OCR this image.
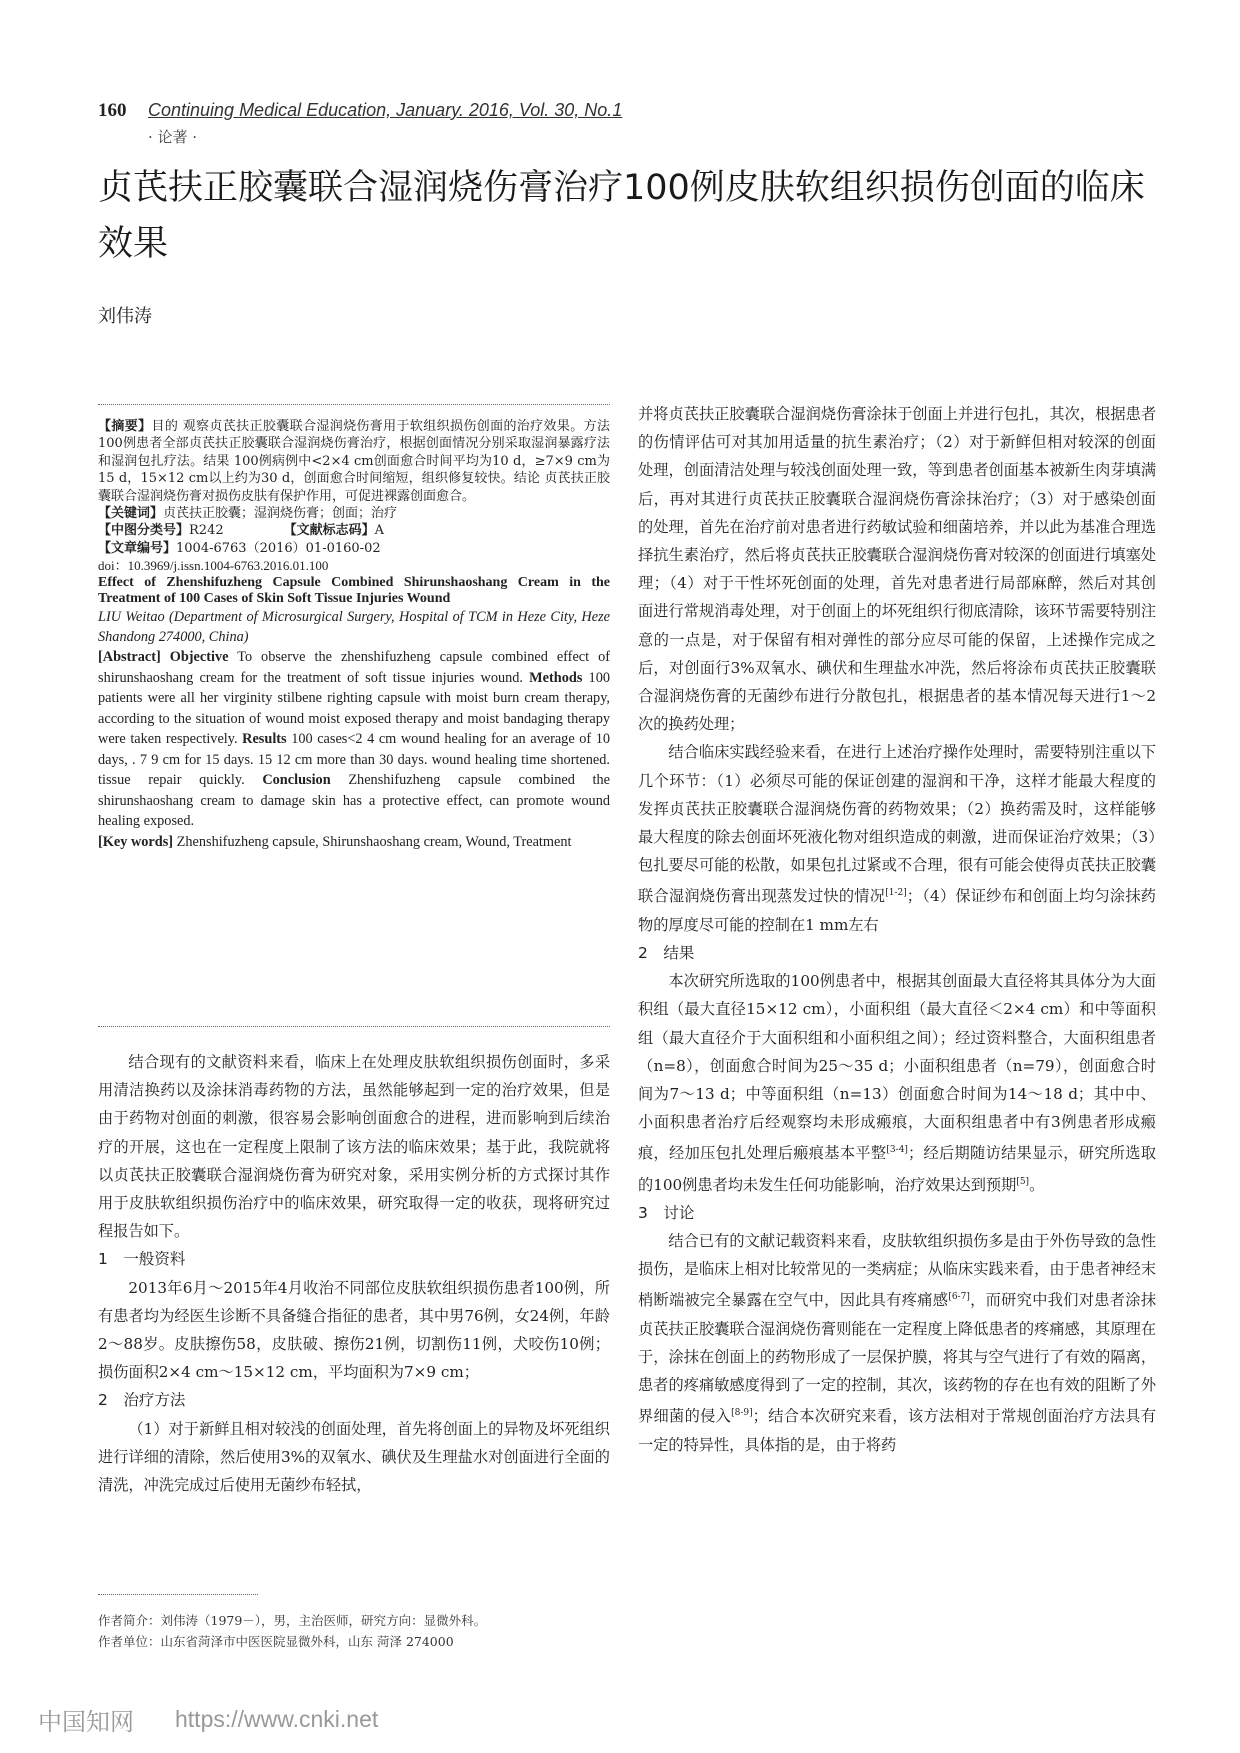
160 Continuing Medical Education, January. 2016, Vol. 30, No.1
· 论著 ·
贞芪扶正胶囊联合湿润烧伤膏治疗100例皮肤软组织损伤创面的临床效果
刘伟涛

【摘要】目的 观察贞芪扶正胶囊联合湿润烧伤膏用于软组织损伤创面的治疗效果。方法 100例患者全部贞芪扶正胶囊联合湿润烧伤膏治疗，根据创面情况分别采取湿润暴露疗法和湿润包扎疗法。结果 100例病例中<2×4 cm创面愈合时间平均为10 d，≥7×9 cm为15 d，15×12 cm以上约为30 d，创面愈合时间缩短，组织修复较快。结论 贞芪扶正胶囊联合湿润烧伤膏对损伤皮肤有保护作用，可促进裸露创面愈合。

【关键词】贞芪扶正胶囊；湿润烧伤膏；创面；治疗

【中图分类号】R242	【文献标志码】A

【文章编号】1004-6763（2016）01-0160-02

doi：10.3969/j.issn.1004-6763.2016.01.100

Effect of Zhenshifuzheng Capsule Combined Shirunshaoshang Cream in the Treatment of 100 Cases of Skin Soft Tissue Injuries Wound

LIU Weitao (Department of Microsurgical Surgery, Hospital of TCM in Heze City, Heze Shandong 274000, China)

[Abstract] Objective To observe the zhenshifuzheng capsule combined effect of shirunshaoshang cream for the treatment of soft tissue injuries wound. Methods 100 patients were all her virginity stilbene righting capsule with moist burn cream therapy, according to the situation of wound moist exposed therapy and moist bandaging therapy were taken respectively. Results 100 cases<2 4 cm wound healing for an average of 10 days, . 7 9 cm for 15 days. 15 12 cm more than 30 days. wound healing time shortened. tissue repair quickly. Conclusion Zhenshifuzheng capsule combined the shirunshaoshang cream to damage skin has a protective effect, can promote wound healing exposed.

[Key words] Zhenshifuzheng capsule, Shirunshaoshang cream, Wound, Treatment

结合现有的文献资料来看，临床上在处理皮肤软组织损伤创面时，多采用清洁换药以及涂抹消毒药物的方法，虽然能够起到一定的治疗效果，但是由于药物对创面的刺激，很容易会影响创面愈合的进程，进而影响到后续治疗的开展，这也在一定程度上限制了该方法的临床效果；基于此，我院就将以贞芪扶正胶囊联合湿润烧伤膏为研究对象，采用实例分析的方式探讨其作用于皮肤软组织损伤治疗中的临床效果，研究取得一定的收获，现将研究过程报告如下。

1　一般资料

2013年6月～2015年4月收治不同部位皮肤软组织损伤患者100例，所有患者均为经医生诊断不具备缝合指征的患者，其中男76例，女24例，年龄2～88岁。皮肤擦伤58，皮肤破、擦伤21例，切割伤11例，犬咬伤10例；损伤面积2×4 cm～15×12 cm，平均面积为7×9 cm；

2　治疗方法

（1）对于新鲜且相对较浅的创面处理，首先将创面上的异物及坏死组织进行详细的清除，然后使用3%的双氧水、碘伏及生理盐水对创面进行全面的清洗，冲洗完成过后使用无菌纱布轻拭，

作者简介：刘伟涛（1979－），男，主治医师，研究方向：显微外科。

作者单位：山东省菏泽市中医医院显微外科，山东 菏泽 274000

并将贞芪扶正胶囊联合湿润烧伤膏涂抹于创面上并进行包扎，其次，根据患者的伤情评估可对其加用适量的抗生素治疗；（2）对于新鲜但相对较深的创面处理，创面清洁处理与较浅创面处理一致，等到患者创面基本被新生肉芽填满后，再对其进行贞芪扶正胶囊联合湿润烧伤膏涂抹治疗；（3）对于感染创面的处理，首先在治疗前对患者进行药敏试验和细菌培养，并以此为基准合理选择抗生素治疗，然后将贞芪扶正胶囊联合湿润烧伤膏对较深的创面进行填塞处理；（4）对于干性坏死创面的处理，首先对患者进行局部麻醉，然后对其创面进行常规消毒处理，对于创面上的坏死组织行彻底清除，该环节需要特别注意的一点是，对于保留有相对弹性的部分应尽可能的保留，上述操作完成之后，对创面行3%双氧水、碘伏和生理盐水冲洗，然后将涂布贞芪扶正胶囊联合湿润烧伤膏的无菌纱布进行分散包扎，根据患者的基本情况每天进行1～2次的换药处理；

结合临床实践经验来看，在进行上述治疗操作处理时，需要特别注重以下几个环节：（1）必须尽可能的保证创建的湿润和干净，这样才能最大程度的发挥贞芪扶正胶囊联合湿润烧伤膏的药物效果；（2）换药需及时，这样能够最大程度的除去创面坏死液化物对组织造成的刺激，进而保证治疗效果；（3）包扎要尽可能的松散，如果包扎过紧或不合理，很有可能会使得贞芪扶正胶囊联合湿润烧伤膏出现蒸发过快的情况[1-2]；（4）保证纱布和创面上均匀涂抹药物的厚度尽可能的控制在1 mm左右

2　结果

本次研究所选取的100例患者中，根据其创面最大直径将其具体分为大面积组（最大直径15×12 cm），小面积组（最大直径＜2×4 cm）和中等面积组（最大直径介于大面积组和小面积组之间）；经过资料整合，大面积组患者（n=8），创面愈合时间为25～35 d；小面积组患者（n=79），创面愈合时间为7～13 d；中等面积组（n=13）创面愈合时间为14～18 d；其中中、小面积患者治疗后经观察均未形成瘢痕，大面积组患者中有3例患者形成瘢痕，经加压包扎处理后瘢痕基本平整[3-4]；经后期随访结果显示，研究所选取的100例患者均未发生任何功能影响，治疗效果达到预期[5]。

3　讨论

结合已有的文献记载资料来看，皮肤软组织损伤多是由于外伤导致的急性损伤，是临床上相对比较常见的一类病症；从临床实践来看，由于患者神经末梢断端被完全暴露在空气中，因此具有疼痛感[6-7]，而研究中我们对患者涂抹贞芪扶正胶囊联合湿润烧伤膏则能在一定程度上降低患者的疼痛感，其原理在于，涂抹在创面上的药物形成了一层保护膜，将其与空气进行了有效的隔离，患者的疼痛敏感度得到了一定的控制，其次，该药物的存在也有效的阻断了外界细菌的侵入[8-9]；结合本次研究来看，该方法相对于常规创面治疗方法具有一定的特异性，具体指的是，由于将药

中国知网 https://www.cnki.net
